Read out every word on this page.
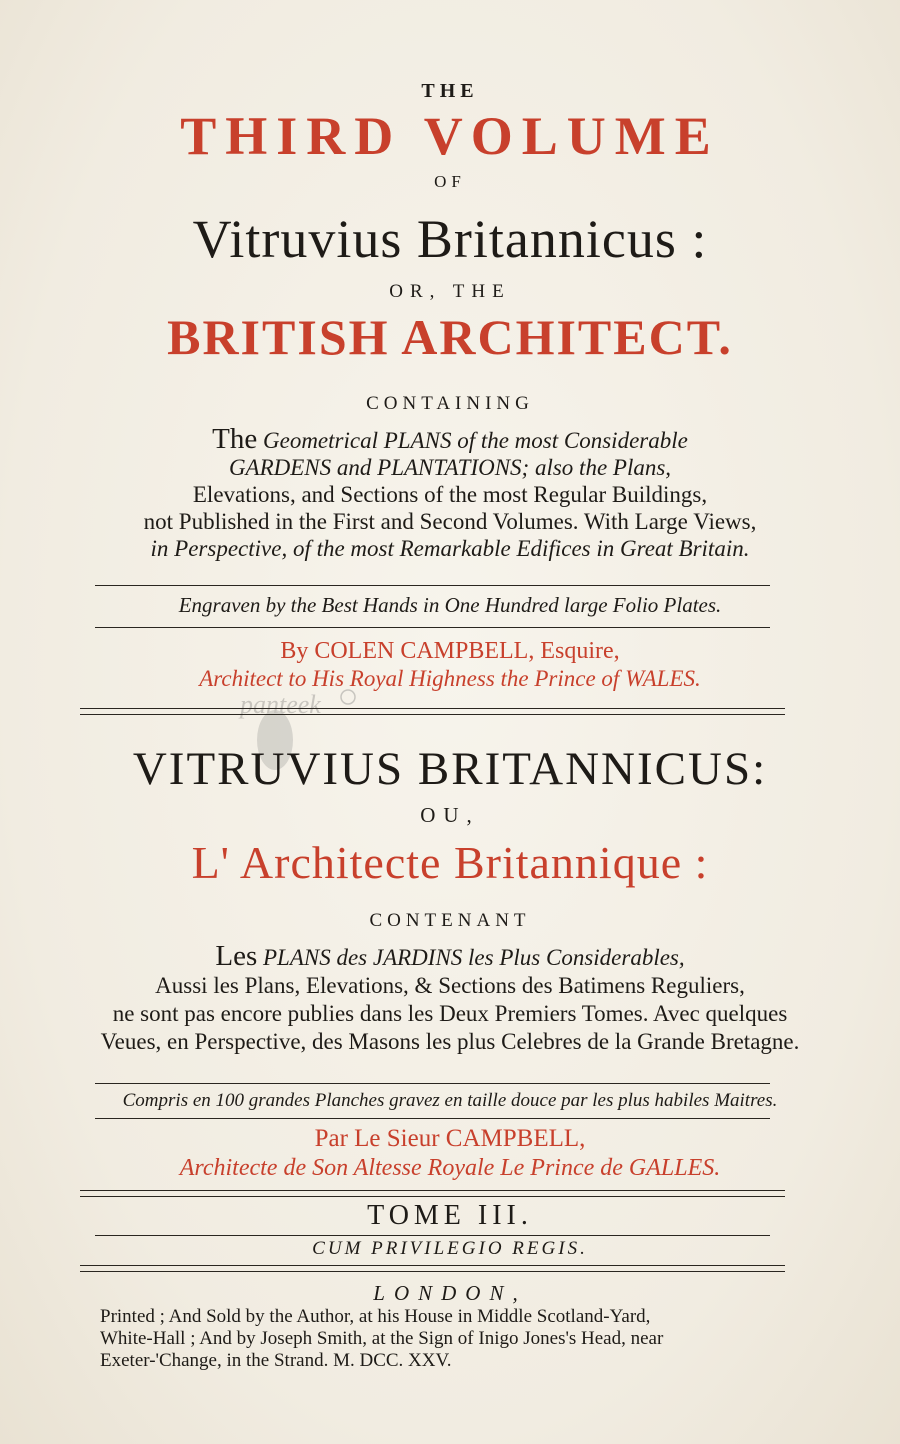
THE
THIRD VOLUME
OF
Vitruvius Britannicus :
OR, THE
BRITISH ARCHITECT.
CONTAINING
The Geometrical PLANS of the most Considerable
GARDENS and PLANTATIONS; also the Plans,
Elevations, and Sections of the most Regular Buildings,
not Published in the First and Second Volumes. With Large Views,
in Perspective, of the most Remarkable Edifices in Great Britain.
Engraven by the Best Hands in One Hundred large Folio Plates.
By COLEN CAMPBELL, Esquire,
Architect to His Royal Highness the Prince of WALES.
panteek
VITRUVIUS BRITANNICUS:
OU,
L' Architecte Britannique :
CONTENANT
Les PLANS des JARDINS les Plus Considerables,
Aussi les Plans, Elevations, & Sections des Batimens Reguliers,
ne sont pas encore publies dans les Deux Premiers Tomes. Avec quelques
Veues, en Perspective, des Masons les plus Celebres de la Grande Bretagne.
Compris en 100 grandes Planches gravez en taille douce par les plus habiles Maitres.
Par Le Sieur CAMPBELL,
Architecte de Son Altesse Royale Le Prince de GALLES.
TOME III.
CUM PRIVILEGIO REGIS.
LONDON,
Printed ; And Sold by the Author, at his House in Middle Scotland-Yard,
White-Hall ; And by Joseph Smith, at the Sign of Inigo Jones's Head, near
Exeter-'Change, in the Strand. M. DCC. XXV.
